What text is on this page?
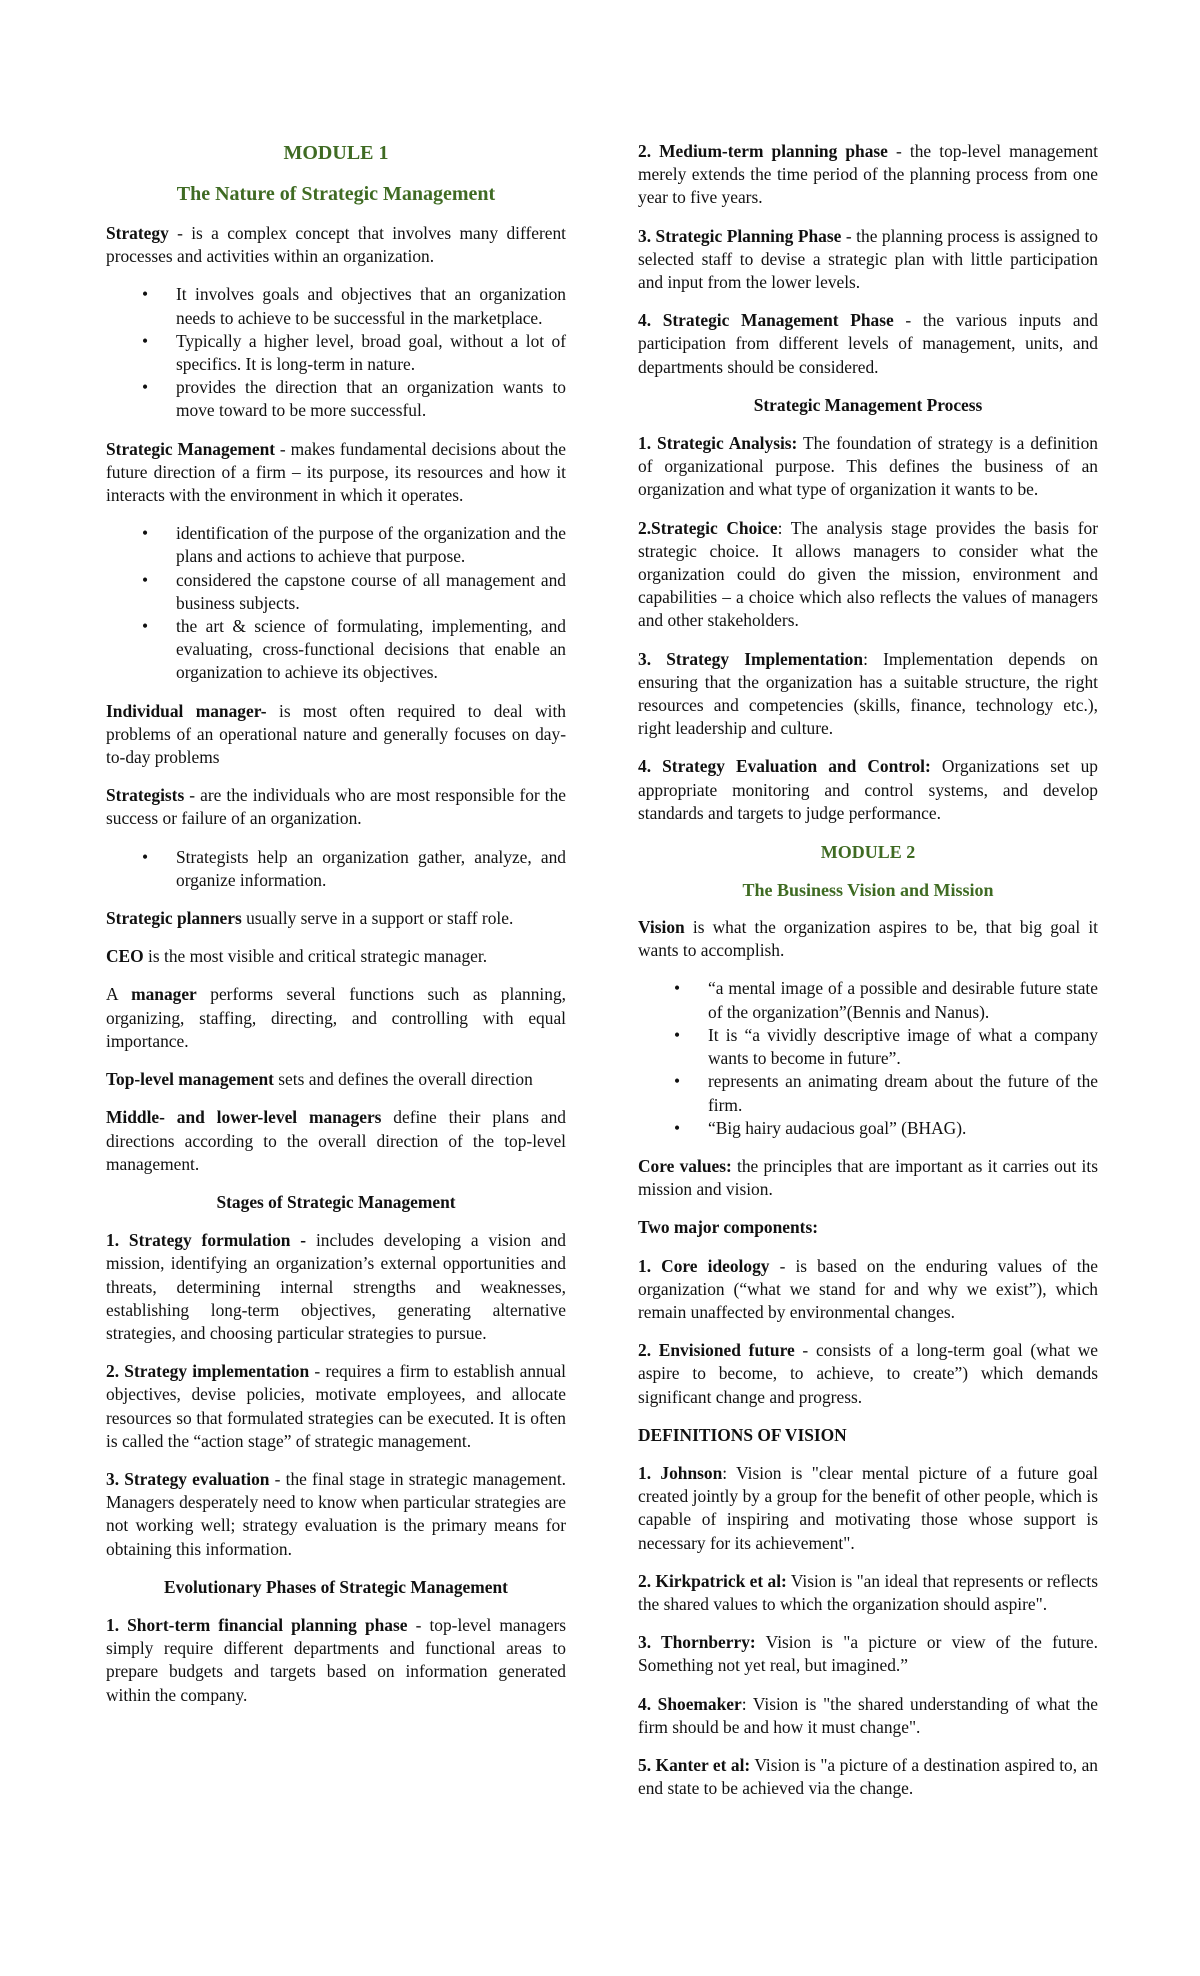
MODULE 1
The Nature of Strategic Management

Strategy - is a complex concept that involves many different processes and activities within an organization.

• It involves goals and objectives that an organization needs to achieve to be successful in the marketplace.
• Typically a higher level, broad goal, without a lot of specifics. It is long-term in nature.
• provides the direction that an organization wants to move toward to be more successful.

Strategic Management - makes fundamental decisions about the future direction of a firm – its purpose, its resources and how it interacts with the environment in which it operates.

• identification of the purpose of the organization and the plans and actions to achieve that purpose.
• considered the capstone course of all management and business subjects.
• the art & science of formulating, implementing, and evaluating, cross-functional decisions that enable an organization to achieve its objectives.

Individual manager- is most often required to deal with problems of an operational nature and generally focuses on day-to-day problems

Strategists - are the individuals who are most responsible for the success or failure of an organization.

• Strategists help an organization gather, analyze, and organize information.

Strategic planners usually serve in a support or staff role.

CEO is the most visible and critical strategic manager.

A manager performs several functions such as planning, organizing, staffing, directing, and controlling with equal importance.

Top-level management sets and defines the overall direction

Middle- and lower-level managers define their plans and directions according to the overall direction of the top-level management.

Stages of Strategic Management

1. Strategy formulation - includes developing a vision and mission, identifying an organization’s external opportunities and threats, determining internal strengths and weaknesses, establishing long-term objectives, generating alternative strategies, and choosing particular strategies to pursue.

2. Strategy implementation - requires a firm to establish annual objectives, devise policies, motivate employees, and allocate resources so that formulated strategies can be executed. It is often is called the “action stage” of strategic management.

3. Strategy evaluation - the final stage in strategic management. Managers desperately need to know when particular strategies are not working well; strategy evaluation is the primary means for obtaining this information.

Evolutionary Phases of Strategic Management

1. Short-term financial planning phase - top-level managers simply require different departments and functional areas to prepare budgets and targets based on information generated within the company.

2. Medium-term planning phase - the top-level management merely extends the time period of the planning process from one year to five years.

3. Strategic Planning Phase - the planning process is assigned to selected staff to devise a strategic plan with little participation and input from the lower levels.

4. Strategic Management Phase - the various inputs and participation from different levels of management, units, and departments should be considered.

Strategic Management Process

1. Strategic Analysis: The foundation of strategy is a definition of organizational purpose. This defines the business of an organization and what type of organization it wants to be.

2.Strategic Choice: The analysis stage provides the basis for strategic choice. It allows managers to consider what the organization could do given the mission, environment and capabilities – a choice which also reflects the values of managers and other stakeholders.

3. Strategy Implementation: Implementation depends on ensuring that the organization has a suitable structure, the right resources and competencies (skills, finance, technology etc.), right leadership and culture.

4. Strategy Evaluation and Control: Organizations set up appropriate monitoring and control systems, and develop standards and targets to judge performance.

MODULE 2
The Business Vision and Mission

Vision is what the organization aspires to be, that big goal it wants to accomplish.

• “a mental image of a possible and desirable future state of the organization”(Bennis and Nanus).
• It is “a vividly descriptive image of what a company wants to become in future”.
• represents an animating dream about the future of the firm.
• “Big hairy audacious goal” (BHAG).

Core values: the principles that are important as it carries out its mission and vision.

Two major components:

1. Core ideology - is based on the enduring values of the organization (“what we stand for and why we exist”), which remain unaffected by environmental changes.

2. Envisioned future - consists of a long-term goal (what we aspire to become, to achieve, to create”) which demands significant change and progress.

DEFINITIONS OF VISION

1. Johnson: Vision is "clear mental picture of a future goal created jointly by a group for the benefit of other people, which is capable of inspiring and motivating those whose support is necessary for its achievement".

2. Kirkpatrick et al: Vision is "an ideal that represents or reflects the shared values to which the organization should aspire".

3. Thornberry: Vision is "a picture or view of the future. Something not yet real, but imagined.”

4. Shoemaker: Vision is "the shared understanding of what the firm should be and how it must change".

5. Kanter et al: Vision is "a picture of a destination aspired to, an end state to be achieved via the change.
